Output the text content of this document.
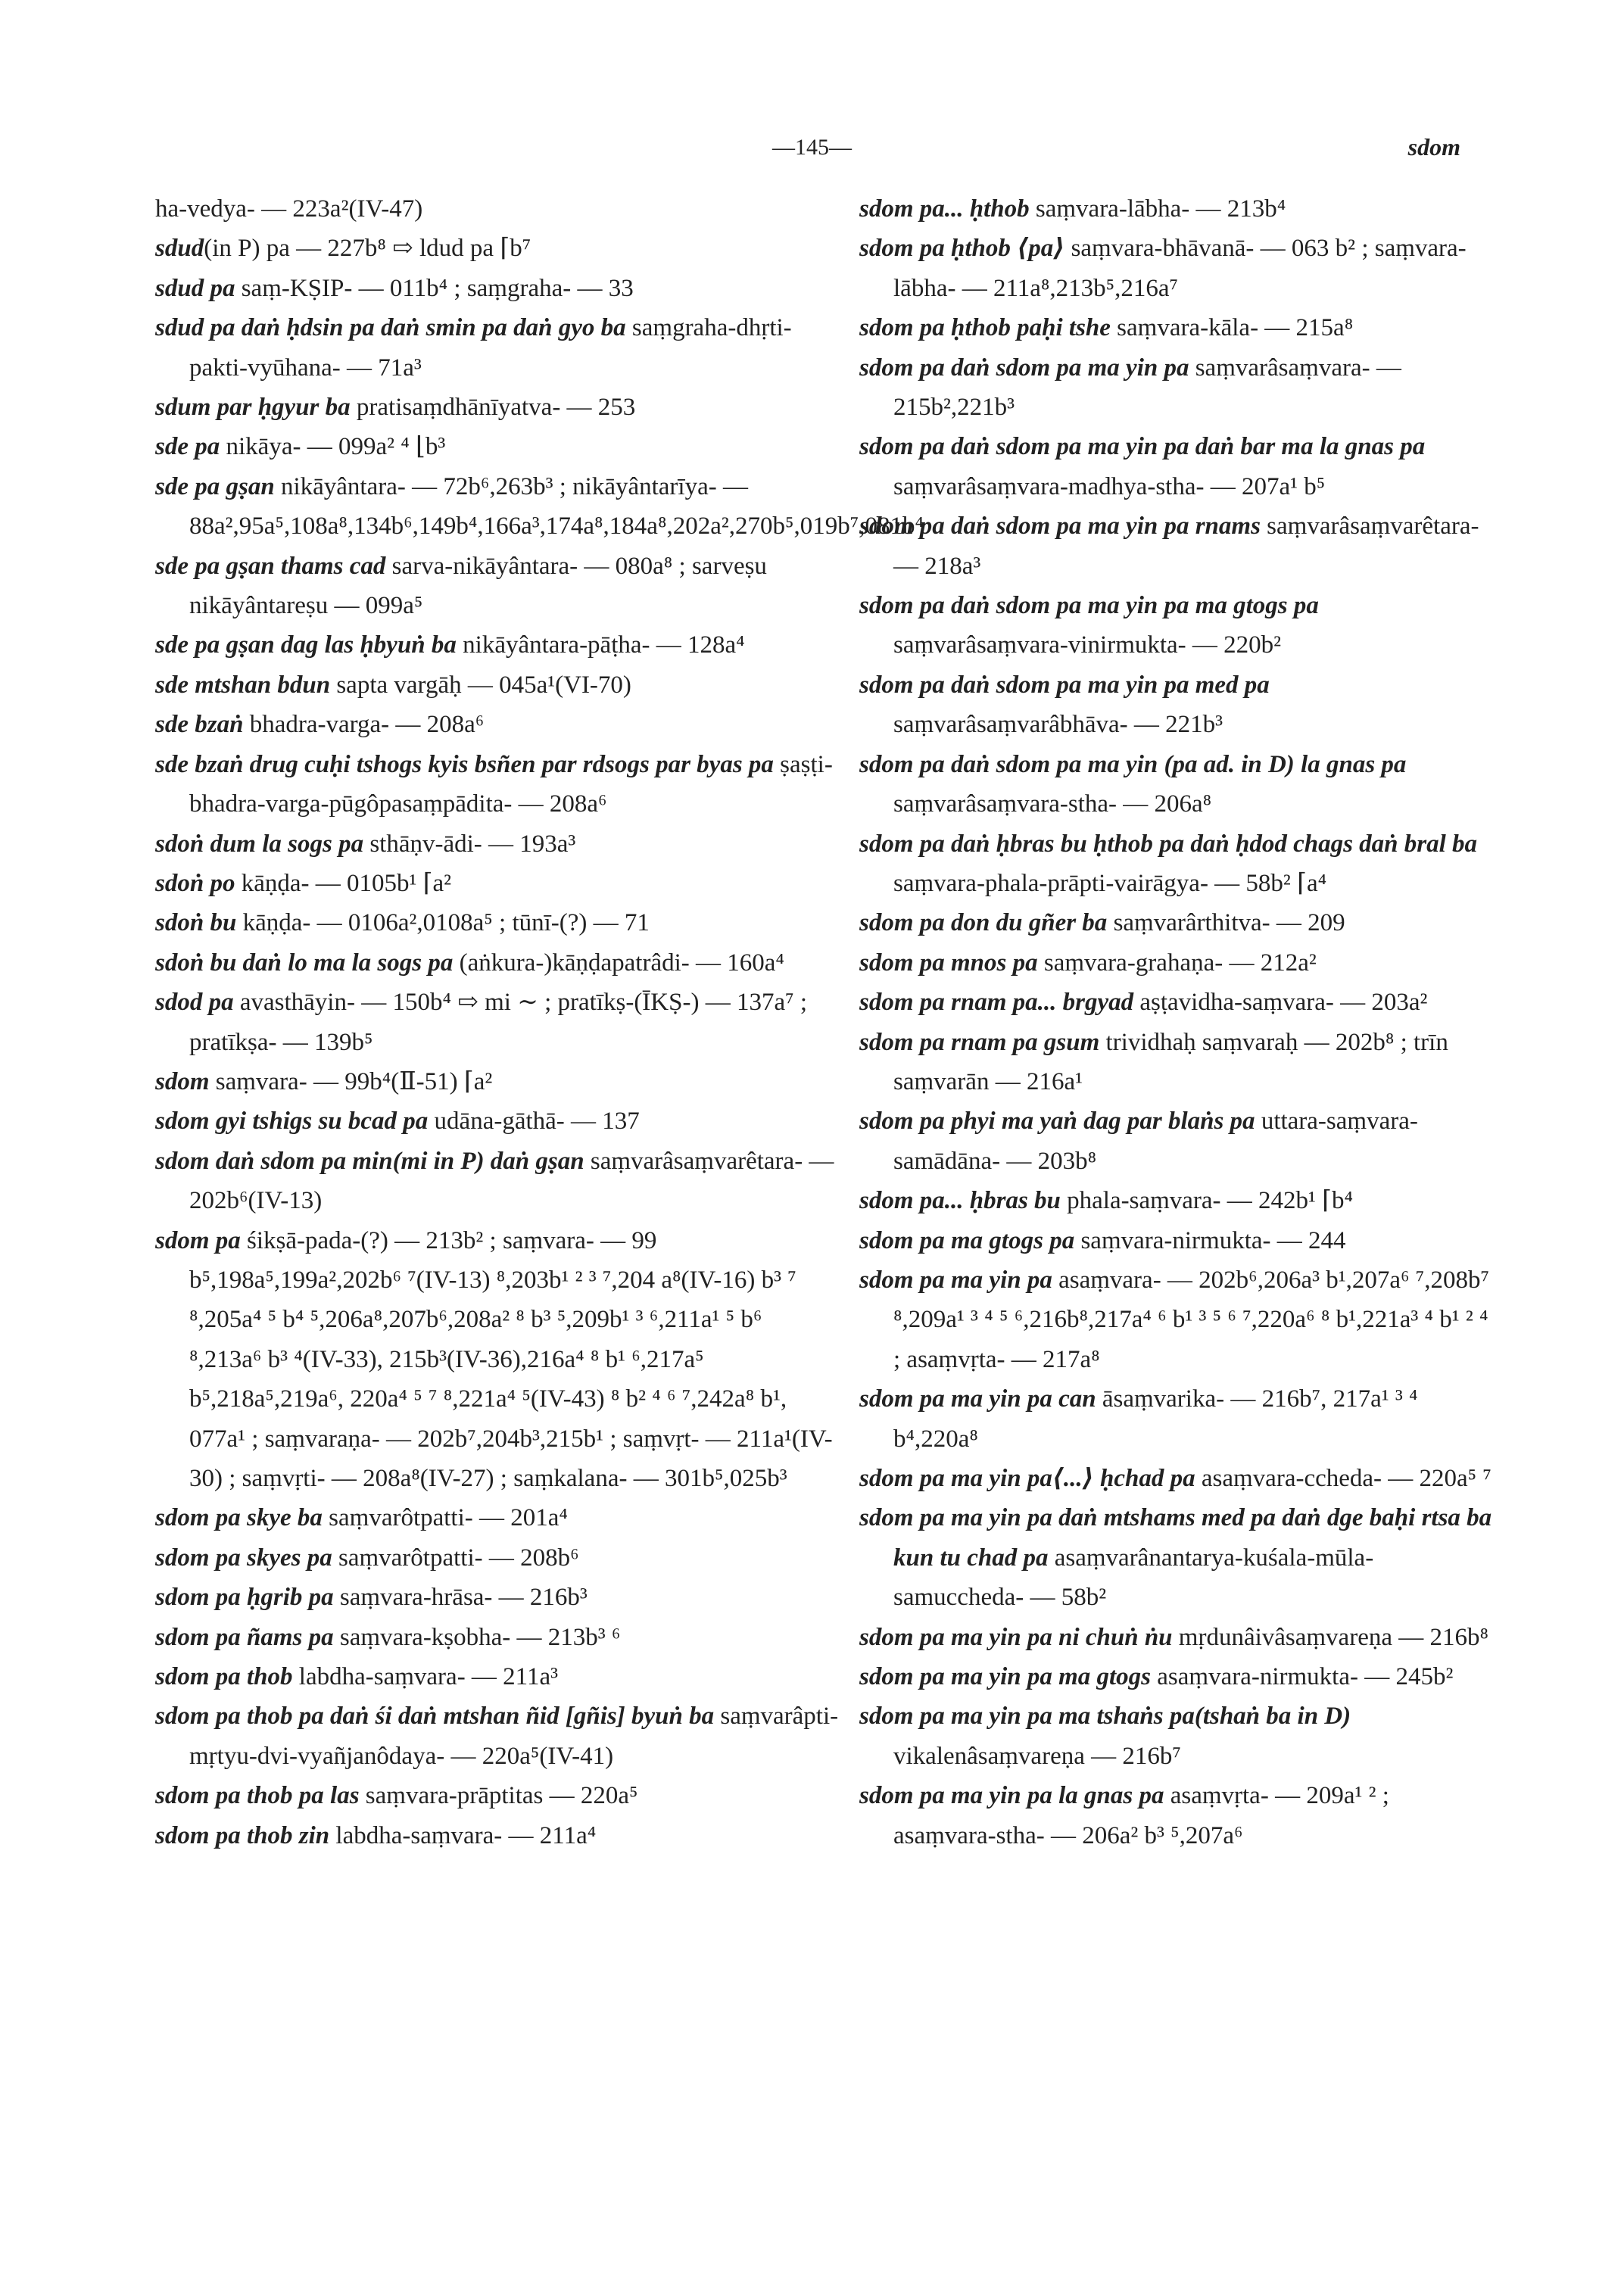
—145—	sdom
ha-vedya- — 223a²(IV-47)
sdud(in P) pa — 227b⁸ ⇨ ldud pa ⌈b⁷
sdud pa saṃ-KṢIP- — 011b⁴ ; saṃgraha- — 33
sdud pa daṅ ḥdsin pa daṅ smin pa daṅ gyo ba saṃgraha-dhṛti-pakti-vyūhana- — 71a³
sdum par ḥgyur ba pratisaṃdhānīyatva- — 253
sde pa nikāya- — 099a² ⁴ ⌊b³
sde pa gṣan nikāyântara- — 72b⁶,263b³ ; nikāyântarīya- — 88a²,95a⁵,108a⁸,134b⁶,149b⁴,166a³,174a⁸,184a⁸,202a²,270b⁵,019b⁷,081b⁴
sde pa gṣan thams cad sarva-nikāyântara- — 080a⁸ ; sarveṣu nikāyântareṣu — 099a⁵
sde pa gṣan dag las ḥbyuṅ ba nikāyântara-pāṭha- — 128a⁴
sde mtshan bdun sapta vargāḥ — 045a¹(VI-70)
sde bzaṅ bhadra-varga- — 208a⁶
sde bzaṅ drug cuḥi tshogs kyis bsñen par rdsogs par byas pa ṣaṣṭi-bhadra-varga-pūgôpasaṃpādita- — 208a⁶
sdoṅ dum la sogs pa sthāṇv-ādi- — 193a³
sdoṅ po kāṇḍa- — 0105b¹ ⌈a²
sdoṅ bu kāṇḍa- — 0106a²,0108a⁵ ; tūnī-(?) — 71
sdoṅ bu daṅ lo ma la sogs pa (aṅkura-)kāṇḍapatrâdi- — 160a⁴
sdod pa avasthāyin- — 150b⁴ ⇨ mi ∼ ; pratīkṣ-(ĪKṢ-) — 137a⁷ ; pratīkṣa- — 139b⁵
sdom saṃvara- — 99b⁴(Ⅱ-51) ⌈a²
sdom gyi tshigs su bcad pa udāna-gāthā- — 137
sdom daṅ sdom pa min(mi in P) daṅ gṣan saṃvarâsaṃvarêtara- — 202b⁶(IV-13)
sdom pa śikṣā-pada-(?) — 213b² ; saṃvara- — 99 b⁵,198a⁵,199a²,202b⁶ ⁷(IV-13) ⁸,203b¹ ² ³ ⁷,204 a⁸(IV-16) b³ ⁷ ⁸,205a⁴ ⁵ b⁴ ⁵,206a⁸,207b⁶,208a² ⁸ b³ ⁵,209b¹ ³ ⁶,211a¹ ⁵ b⁶ ⁸,213a⁶ b³ ⁴(IV-33), 215b³(IV-36),216a⁴ ⁸ b¹ ⁶,217a⁵ b⁵,218a⁵,219a⁶, 220a⁴ ⁵ ⁷ ⁸,221a⁴ ⁵(IV-43) ⁸ b² ⁴ ⁶ ⁷,242a⁸ b¹, 077a¹ ; saṃvaraṇa- — 202b⁷,204b³,215b¹ ; saṃvṛt- — 211a¹(IV-30) ; saṃvṛti- — 208a⁸(IV-27) ; saṃkalana- — 301b⁵,025b³
sdom pa skye ba saṃvarôtpatti- — 201a⁴
sdom pa skyes pa saṃvarôtpatti- — 208b⁶
sdom pa ḥgrib pa saṃvara-hrāsa- — 216b³
sdom pa ñams pa saṃvara-kṣobha- — 213b³ ⁶
sdom pa thob labdha-saṃvara- — 211a³
sdom pa thob pa daṅ śi daṅ mtshan ñid [gñis] byuṅ ba saṃvarâpti-mṛtyu-dvi-vyañjanôdaya- — 220a⁵(IV-41)
sdom pa thob pa las saṃvara-prāptitas — 220a⁵
sdom pa thob zin labdha-saṃvara- — 211a⁴
sdom pa... ḥthob saṃvara-lābha- — 213b⁴
sdom pa ḥthob ⟨pa⟩ saṃvara-bhāvanā- — 063 b² ; saṃvara-lābha- — 211a⁸,213b⁵,216a⁷
sdom pa ḥthob paḥi tshe saṃvara-kāla- — 215a⁸
sdom pa daṅ sdom pa ma yin pa saṃvarâsaṃvara- — 215b²,221b³
sdom pa daṅ sdom pa ma yin pa daṅ bar ma la gnas pa saṃvarâsaṃvara-madhya-stha- — 207a¹ b⁵
sdom pa daṅ sdom pa ma yin pa rnams saṃvarâsaṃvarêtara- — 218a³
sdom pa daṅ sdom pa ma yin pa ma gtogs pa saṃvarâsaṃvara-vinirmukta- — 220b²
sdom pa daṅ sdom pa ma yin pa med pa saṃvarâsaṃvarâbhāva- — 221b³
sdom pa daṅ sdom pa ma yin (pa ad. in D) la gnas pa saṃvarâsaṃvara-stha- — 206a⁸
sdom pa daṅ ḥbras bu ḥthob pa daṅ ḥdod chags daṅ bral ba saṃvara-phala-prāpti-vairāgya- — 58b² ⌈a⁴
sdom pa don du gñer ba saṃvarârthitva- — 209
sdom pa mnos pa saṃvara-grahaṇa- — 212a²
sdom pa rnam pa... brgyad aṣṭavidha-saṃvara- — 203a²
sdom pa rnam pa gsum trividhaḥ saṃvaraḥ — 202b⁸ ; trīn saṃvarān — 216a¹
sdom pa phyi ma yaṅ dag par blaṅs pa uttara-saṃvara-samādāna- — 203b⁸
sdom pa... ḥbras bu phala-saṃvara- — 242b¹ ⌈b⁴
sdom pa ma gtogs pa saṃvara-nirmukta- — 244
sdom pa ma yin pa asaṃvara- — 202b⁶,206a³ b¹,207a⁶ ⁷,208b⁷ ⁸,209a¹ ³ ⁴ ⁵ ⁶,216b⁸,217a⁴ ⁶ b¹ ³ ⁵ ⁶ ⁷,220a⁶ ⁸ b¹,221a³ ⁴ b¹ ² ⁴ ; asaṃvṛta- — 217a⁸
sdom pa ma yin pa can āsaṃvarika- — 216b⁷, 217a¹ ³ ⁴ b⁴,220a⁸
sdom pa ma yin pa⟨...⟩ ḥchad pa asaṃvara-ccheda- — 220a⁵ ⁷
sdom pa ma yin pa daṅ mtshams med pa daṅ dge baḥi rtsa ba kun tu chad pa asaṃvarânantarya-kuśala-mūla-samuccheda- — 58b²
sdom pa ma yin pa ni chuṅ ṅu mṛdunâivâsaṃvareṇa — 216b⁸
sdom pa ma yin pa ma gtogs asaṃvara-nirmukta- — 245b²
sdom pa ma yin pa ma tshaṅs pa(tshaṅ ba in D) vikalenâsaṃvareṇa — 216b⁷
sdom pa ma yin pa la gnas pa asaṃvṛta- — 209a¹ ² ; asaṃvara-stha- — 206a² b³ ⁵,207a⁶
